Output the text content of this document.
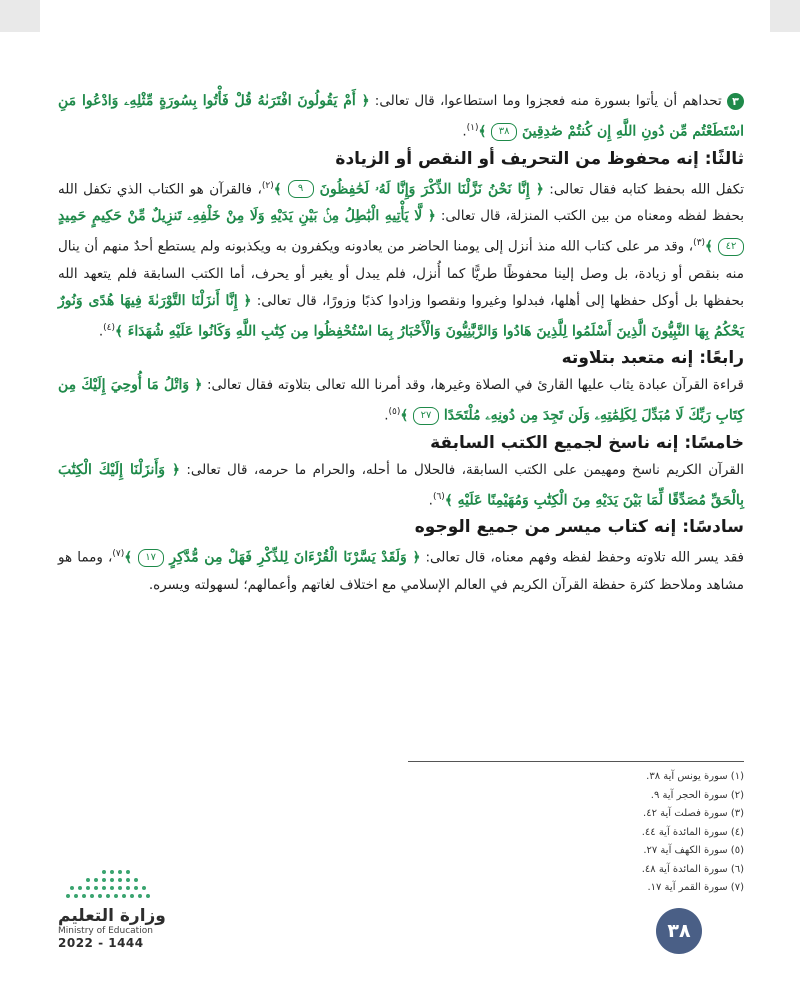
٣ تحداهم أن يأتوا بسورة منه فعجزوا وما استطاعوا، قال تعالى: ﴿ أَمْ يَقُولُونَ افْتَرَىٰهُ قُلْ فَأْتُوا بِسُورَةٍ مِّثْلِهِۦ وَادْعُوا مَنِ اسْتَطَعْتُم مِّن دُونِ اللَّهِ إِن كُنتُمْ صَٰدِقِينَ ٣٨ ﴾$^{(١)}$.

ثالثًا: إنه محفوظ من التحريف أو النقص أو الزيادة

تكفل الله بحفظ كتابه فقال تعالى: ﴿ إِنَّا نَحْنُ نَزَّلْنَا الذِّكْرَ وَإِنَّا لَهُۥ لَحَٰفِظُونَ ٩ ﴾$^{(٢)}$، فالقرآن هو الكتاب الذي تكفل الله بحفظ لفظه ومعناه من بين الكتب المنزلة، قال تعالى: ﴿ لَّا يَأْتِيهِ الْبَٰطِلُ مِنۢ بَيْنِ يَدَيْهِ وَلَا مِنْ خَلْفِهِۦ تَنزِيلٌ مِّنْ حَكِيمٍ حَمِيدٍ ٤٢ ﴾$^{(٣)}$، وقد مر على كتاب الله منذ أنزل إلى يومنا الحاضر من يعادونه ويكفرون به ويكذبونه ولم يستطع أحدٌ منهم أن ينال منه بنقص أو زيادة، بل وصل إلينا محفوظًا طريًّا كما أُنزل، فلم يبدل أو يغير أو يحرف، أما الكتب السابقة فلم يتعهد الله بحفظها بل أوكل حفظها إلى أهلها، فبدلوا وغيروا ونقصوا وزادوا كذبًا وزورًا، قال تعالى: ﴿ إِنَّا أَنزَلْنَا التَّوْرَىٰةَ فِيهَا هُدًى وَنُورٌ يَحْكُمُ بِهَا النَّبِيُّونَ الَّذِينَ أَسْلَمُوا لِلَّذِينَ هَادُوا وَالرَّبَّٰنِيُّونَ وَالْأَحْبَارُ بِمَا اسْتُحْفِظُوا مِن كِتَٰبِ اللَّهِ وَكَانُوا عَلَيْهِ شُهَدَاءَ ﴾$^{(٤)}$.

رابعًا: إنه متعبد بتلاوته

قراءة القرآن عبادة يثاب عليها القارئ في الصلاة وغيرها، وقد أمرنا الله تعالى بتلاوته فقال تعالى: ﴿ وَاتْلُ مَا أُوحِيَ إِلَيْكَ مِن كِتَابِ رَبِّكَ لَا مُبَدِّلَ لِكَلِمَٰتِهِۦ وَلَن تَجِدَ مِن دُونِهِۦ مُلْتَحَدًا ٢٧ ﴾$^{(٥)}$.

خامسًا: إنه ناسخ لجميع الكتب السابقة

القرآن الكريم ناسخ ومهيمن على الكتب السابقة، فالحلال ما أحله، والحرام ما حرمه، قال تعالى: ﴿ وَأَنزَلْنَا إِلَيْكَ الْكِتَٰبَ بِالْحَقِّ مُصَدِّقًا لِّمَا بَيْنَ يَدَيْهِ مِنَ الْكِتَٰبِ وَمُهَيْمِنًا عَلَيْهِ ﴾$^{(٦)}$.

سادسًا: إنه كتاب ميسر من جميع الوجوه

فقد يسر الله تلاوته وحفظ لفظه وفهم معناه، قال تعالى: ﴿ وَلَقَدْ يَسَّرْنَا الْقُرْءَانَ لِلذِّكْرِ فَهَلْ مِن مُّدَّكِرٍ ١٧ ﴾$^{(٧)}$، ومما هو مشاهد وملاحظ كثرة حفظة القرآن الكريم في العالم الإسلامي مع اختلاف لغاتهم وأعمالهم؛ لسهولته ويسره.

(١) سورة يونس آية ٣٨.

(٢) سورة الحجر آية ٩.

(٣) سورة فصلت آية ٤٢.

(٤) سورة المائدة آية ٤٤.

(٥) سورة الكهف آية ٢٧.

(٦) سورة المائدة آية ٤٨.

(٧) سورة القمر آية ١٧.

وزارة التعليم
Ministry of Education
2022 - 1444
٣٨
